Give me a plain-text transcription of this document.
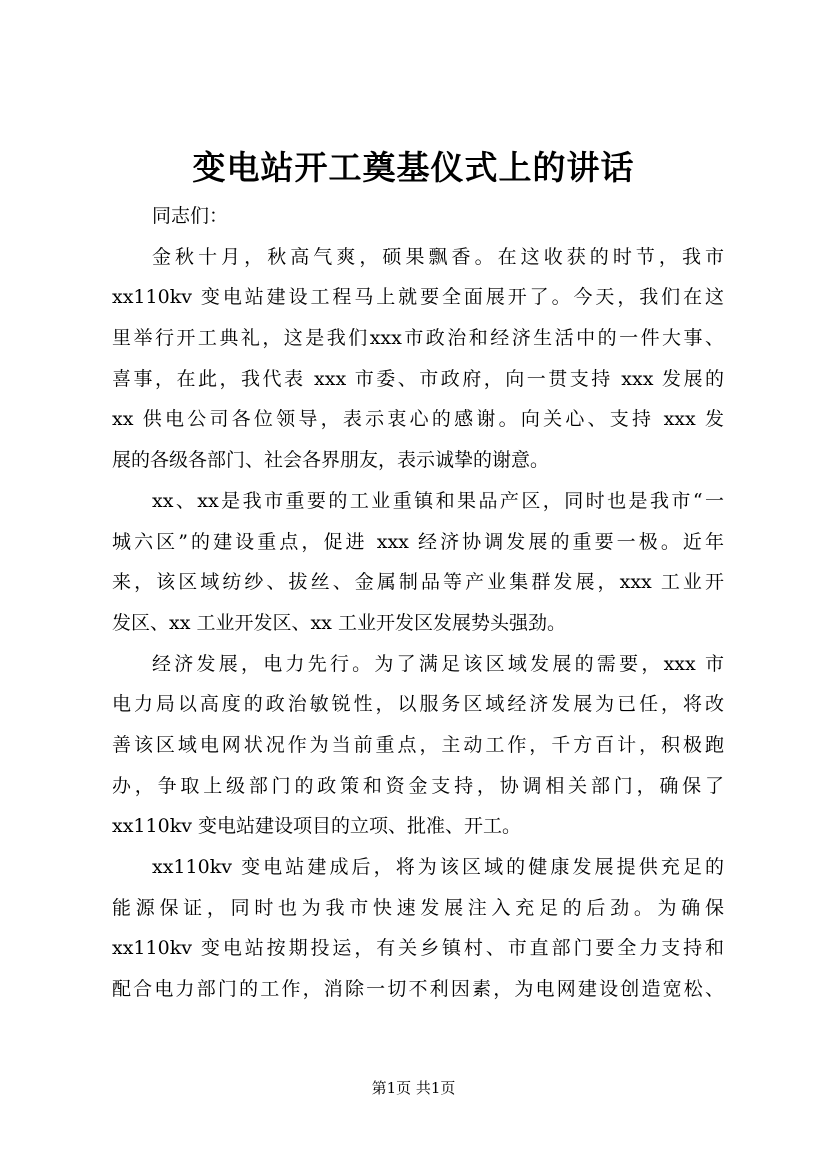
变电站开工奠基仪式上的讲话
同志们：
金秋十月，秋高气爽，硕果飘香。在这收获的时节，我市
xx110kv 变电站建设工程马上就要全面展开了。今天，我们在这
里举行开工典礼，这是我们xxx市政治和经济生活中的一件大事、
喜事，在此，我代表 xxx 市委、市政府，向一贯支持 xxx 发展的
xx 供电公司各位领导，表示衷心的感谢。向关心、支持 xxx 发
展的各级各部门、社会各界朋友，表示诚挚的谢意。
xx、xx是我市重要的工业重镇和果品产区，同时也是我市“一
城六区”的建设重点，促进 xxx 经济协调发展的重要一极。近年
来，该区域纺纱、拔丝、金属制品等产业集群发展，xxx 工业开
发区、xx 工业开发区、xx 工业开发区发展势头强劲。
经济发展，电力先行。为了满足该区域发展的需要，xxx 市
电力局以高度的政治敏锐性，以服务区域经济发展为已任，将改
善该区域电网状况作为当前重点，主动工作，千方百计，积极跑
办，争取上级部门的政策和资金支持，协调相关部门，确保了
xx110kv 变电站建设项目的立项、批准、开工。
xx110kv 变电站建成后，将为该区域的健康发展提供充足的
能源保证，同时也为我市快速发展注入充足的后劲。为确保
xx110kv 变电站按期投运，有关乡镇村、市直部门要全力支持和
配合电力部门的工作，消除一切不利因素，为电网建设创造宽松、
第1页 共1页
